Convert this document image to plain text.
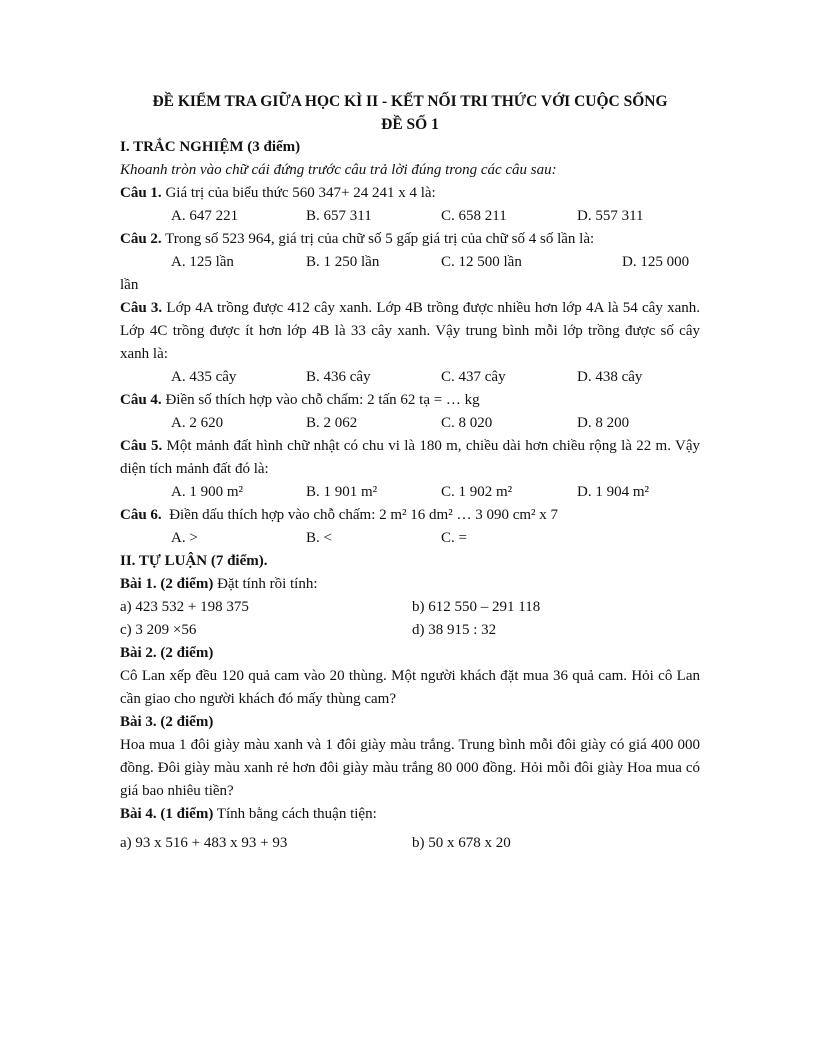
ĐỀ KIỂM TRA GIỮA HỌC KÌ II - KẾT NỐI TRI THỨC VỚI CUỘC SỐNG
ĐỀ SỐ 1
I. TRẮC NGHIỆM (3 điểm)
Khoanh tròn vào chữ cái đứng trước câu trả lời đúng trong các câu sau:
Câu 1. Giá trị của biểu thức 560 347+ 24 241 x 4 là:
A. 647 221	B. 657 311	C. 658 211	D. 557 311
Câu 2. Trong số 523 964, giá trị của chữ số 5 gấp giá trị của chữ số 4 số lần là:
A. 125 lần	B. 1 250 lần	C. 12 500 lần	D. 125 000
lần
Câu 3. Lớp 4A trồng được 412 cây xanh. Lớp 4B trồng được nhiều hơn lớp 4A là 54 cây xanh. Lớp 4C trồng được ít hơn lớp 4B là 33 cây xanh. Vậy trung bình mỗi lớp trồng được số cây xanh là:
A. 435 cây	B. 436 cây	C. 437 cây	D. 438 cây
Câu 4. Điền số thích hợp vào chỗ chấm: 2 tấn 62 tạ = … kg
A. 2 620	B. 2 062	C. 8 020	D. 8 200
Câu 5. Một mảnh đất hình chữ nhật có chu vi là 180 m, chiều dài hơn chiều rộng là 22 m. Vậy diện tích mảnh đất đó là:
A. 1 900 m²	B. 1 901 m²	C. 1 902 m²	D. 1 904 m²
Câu 6.  Điền dấu thích hợp vào chỗ chấm: 2 m² 16 dm² … 3 090 cm² x 7
A. >	B. <	C. =
II. TỰ LUẬN (7 điểm).
Bài 1. (2 điểm) Đặt tính rồi tính:
a) 423 532 + 198 375	b) 612 550 – 291 118
c) 3 209 ×56	d) 38 915 : 32
Bài 2. (2 điểm)
Cô Lan xếp đều 120 quả cam vào 20 thùng. Một người khách đặt mua 36 quả cam. Hỏi cô Lan cần giao cho người khách đó mấy thùng cam?
Bài 3. (2 điểm)
Hoa mua 1 đôi giày màu xanh và 1 đôi giày màu trắng. Trung bình mỗi đôi giày có giá 400 000 đồng. Đôi giày màu xanh rẻ hơn đôi giày màu trắng 80 000 đồng. Hỏi mỗi đôi giày Hoa mua có giá bao nhiêu tiền?
Bài 4. (1 điểm) Tính bằng cách thuận tiện:
a) 93 x 516 + 483 x 93 + 93	b) 50 x 678 x 20
